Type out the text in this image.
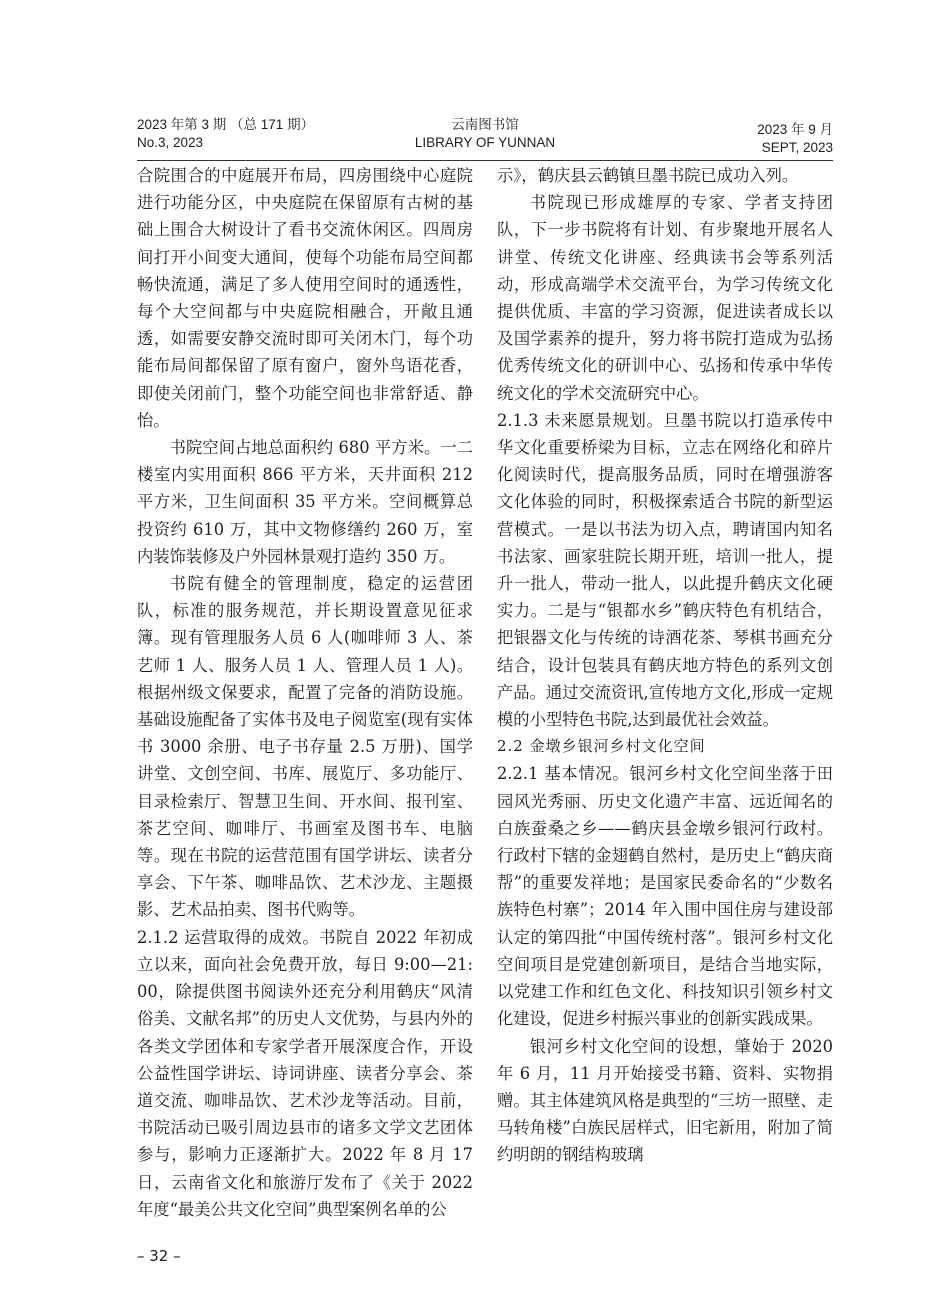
2023 年第 3 期 （总 171 期）
No.3, 2023
云南图书馆
LIBRARY OF YUNNAN
2023 年 9 月
SEPT, 2023

合院围合的中庭展开布局，四房围绕中心庭院进行功能分区，中央庭院在保留原有古树的基础上围合大树设计了看书交流休闲区。四周房间打开小间变大通间，使每个功能布局空间都畅快流通，满足了多人使用空间时的通透性，每个大空间都与中央庭院相融合，开敞且通透，如需要安静交流时即可关闭木门，每个功能布局间都保留了原有窗户，窗外鸟语花香，即使关闭前门，整个功能空间也非常舒适、静怡。

书院空间占地总面积约 680 平方米。一二楼室内实用面积 866 平方米，天井面积 212 平方米，卫生间面积 35 平方米。空间概算总投资约 610 万，其中文物修缮约 260 万，室内装饰装修及户外园林景观打造约 350 万。

书院有健全的管理制度，稳定的运营团队，标准的服务规范，并长期设置意见征求簿。现有管理服务人员 6 人(咖啡师 3 人、茶艺师 1 人、服务人员 1 人、管理人员 1 人)。根据州级文保要求，配置了完备的消防设施。基础设施配备了实体书及电子阅览室(现有实体书 3000 余册、电子书存量 2.5 万册)、国学讲堂、文创空间、书库、展览厅、多功能厅、目录检索厅、智慧卫生间、开水间、报刊室、茶艺空间、咖啡厅、书画室及图书车、电脑等。现在书院的运营范围有国学讲坛、读者分享会、下午茶、咖啡品饮、艺术沙龙、主题摄影、艺术品拍卖、图书代购等。

2.1.2 运营取得的成效。书院自 2022 年初成立以来，面向社会免费开放，每日 9:00—21:00，除提供图书阅读外还充分利用鹤庆“风清俗美、文献名邦”的历史人文优势，与县内外的各类文学团体和专家学者开展深度合作，开设公益性国学讲坛、诗词讲座、读者分享会、茶道交流、咖啡品饮、艺术沙龙等活动。目前，书院活动已吸引周边县市的诸多文学文艺团体参与，影响力正逐渐扩大。2022 年 8 月 17 日，云南省文化和旅游厅发布了《关于 2022 年度“最美公共文化空间”典型案例名单的公

示》，鹤庆县云鹤镇旦墨书院已成功入列。

书院现已形成雄厚的专家、学者支持团队，下一步书院将有计划、有步聚地开展名人讲堂、传统文化讲座、经典读书会等系列活动，形成高端学术交流平台，为学习传统文化提供优质、丰富的学习资源，促进读者成长以及国学素养的提升，努力将书院打造成为弘扬优秀传统文化的研训中心、弘扬和传承中华传统文化的学术交流研究中心。

2.1.3 未来愿景规划。旦墨书院以打造承传中华文化重要桥梁为目标，立志在网络化和碎片化阅读时代，提高服务品质，同时在增强游客文化体验的同时，积极探索适合书院的新型运营模式。一是以书法为切入点，聘请国内知名书法家、画家驻院长期开班，培训一批人，提升一批人，带动一批人，以此提升鹤庆文化硬实力。二是与“银都水乡”鹤庆特色有机结合，把银器文化与传统的诗酒花茶、琴棋书画充分结合，设计包装具有鹤庆地方特色的系列文创产品。通过交流资讯,宣传地方文化,形成一定规模的小型特色书院,达到最优社会效益。

2.2 金墩乡银河乡村文化空间

2.2.1 基本情况。银河乡村文化空间坐落于田园风光秀丽、历史文化遗产丰富、远近闻名的白族蚕桑之乡——鹤庆县金墩乡银河行政村。行政村下辖的金翅鹤自然村，是历史上“鹤庆商帮”的重要发祥地；是国家民委命名的“少数名族特色村寨”；2014 年入围中国住房与建设部认定的第四批“中国传统村落”。银河乡村文化空间项目是党建创新项目，是结合当地实际，以党建工作和红色文化、科技知识引领乡村文化建设，促进乡村振兴事业的创新实践成果。

银河乡村文化空间的设想，肇始于 2020 年 6 月，11 月开始接受书籍、资料、实物捐赠。其主体建筑风格是典型的“三坊一照壁、走马转角楼”白族民居样式，旧宅新用，附加了简约明朗的钢结构玻璃

– 32 –
